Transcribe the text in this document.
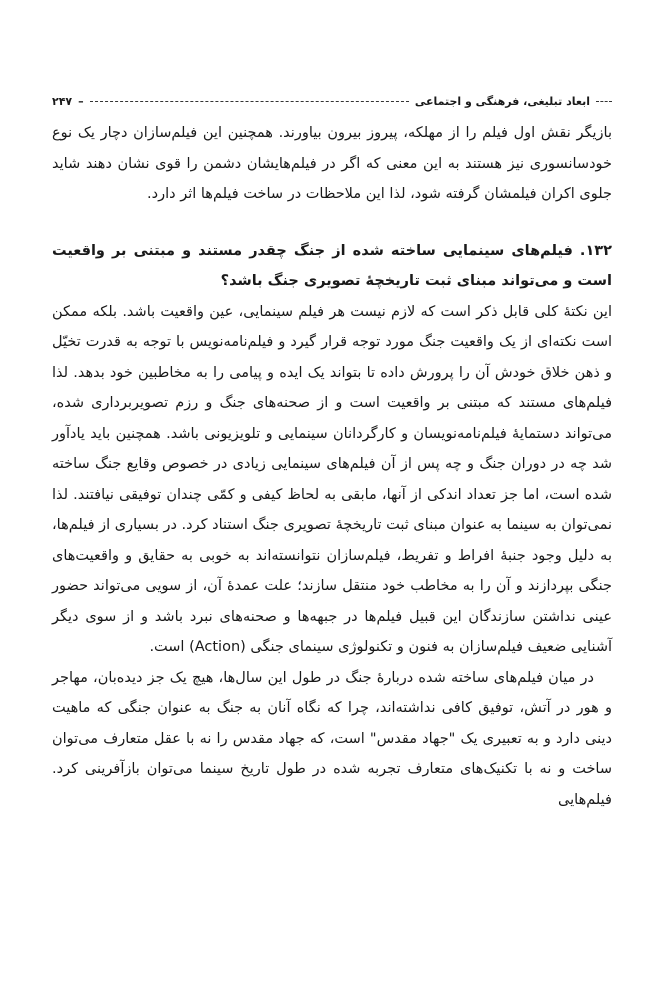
ابعاد تبلیغی، فرهنگی و اجتماعی
–
۲۴۷

بازیگر نقش اول فیلم را از مهلکه، پیروز بیرون بیاورند. همچنین این فیلم‌سازان دچار یک نوع خودسانسوری نیز هستند به این معنی که اگر در فیلم‌هایشان دشمن را قوی نشان دهند شاید جلوی اکران فیلمشان گرفته شود، لذا این ملاحظات در ساخت فیلم‌ها اثر دارد.

۱۳۲. فیلم‌های سینمایی ساخته شده از جنگ چقدر مستند و مبتنی بر واقعیت است و می‌تواند مبنای ثبت تاریخچهٔ تصویری جنگ باشد؟

این نکتهٔ کلی قابل ذکر است که لازم نیست هر فیلم سینمایی، عین واقعیت باشد. بلکه ممکن است نکته‌ای از یک واقعیت جنگ مورد توجه قرار گیرد و فیلم‌نامه‌نویس با توجه به قدرت تخیّل و ذهن خلاق خودش آن را پرورش داده تا بتواند یک ایده و پیامی را به مخاطبین خود بدهد. لذا فیلم‌های مستند که مبتنی بر واقعیت است و از صحنه‌های جنگ و رزم تصویربرداری شده، می‌تواند دستمایهٔ فیلم‌نامه‌نویسان و کارگردانان سینمایی و تلویزیونی باشد. همچنین باید یادآور شد چه در دوران جنگ و چه پس از آن فیلم‌های سینمایی زیادی در خصوص وقایع جنگ ساخته شده است، اما جز تعداد اندکی از آنها، مابقی به لحاظ کیفی و کمّی چندان توفیقی نیافتند. لذا نمی‌توان به سینما به عنوان مبنای ثبت تاریخچهٔ تصویری جنگ استناد کرد. در بسیاری از فیلم‌ها، به دلیل وجود جنبهٔ افراط و تفریط، فیلم‌سازان نتوانسته‌اند به خوبی به حقایق و واقعیت‌های جنگی بپردازند و آن را به مخاطب خود منتقل سازند؛ علت عمدهٔ آن، از سویی می‌تواند حضور عینی نداشتن سازندگان این قبیل فیلم‌ها در جبهه‌ها و صحنه‌های نبرد باشد و از سوی دیگر آشنایی ضعیف فیلم‌سازان به فنون و تکنولوژی سینمای جنگی (Action) است.

در میان فیلم‌های ساخته شده دربارهٔ جنگ در طول این سال‌ها، هیچ یک جز دیده‌بان، مهاجر و هور در آتش، توفیق کافی نداشته‌اند، چرا که نگاه آنان به جنگ به عنوان جنگی که ماهیت دینی دارد و به تعبیری یک "جهاد مقدس" است، که جهاد مقدس را نه با عقل متعارف می‌توان ساخت و نه با تکنیک‌های متعارف تجربه شده در طول تاریخ سینما می‌توان بازآفرینی کرد. فیلم‌هایی
